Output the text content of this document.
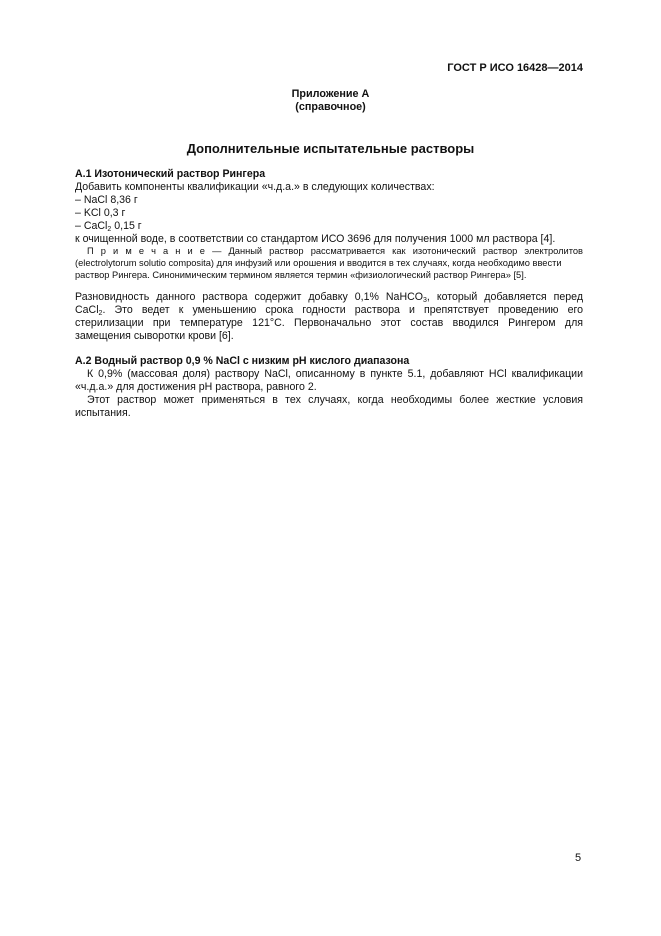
ГОСТ Р ИСО 16428—2014
Приложение А
(справочное)
Дополнительные испытательные растворы
А.1 Изотонический раствор Рингера
Добавить компоненты квалификации «ч.д.а.» в следующих количествах:
– NaCl 8,36 г
– KCl 0,3 г
– CaCl$_2$ 0,15 г
к очищенной воде, в соответствии со стандартом ИСО 3696 для получения 1000 мл раствора [4].
П р и м е ч а н и е — Данный раствор рассматривается как изотонический раствор электролитов
(electrolytorum solutio composita) для инфузий или орошения и вводится в тех случаях, когда необходимо ввести
раствор Рингера. Синонимическим термином является термин «физиологический раствор Рингера» [5].
Разновидность данного раствора содержит добавку 0,1% NaHCO$_3$, который добавляется перед
CaCl$_2$. Это ведет к уменьшению срока годности раствора и препятствует проведению его
стерилизации при температуре 121°С. Первоначально этот состав вводился Рингером для
замещения сыворотки крови [6].
А.2 Водный раствор 0,9 % NaCl с низким pH кислого диапазона
К 0,9% (массовая доля) раствору NaCl, описанному в пункте 5.1, добавляют HCl квалификации
«ч.д.а.» для достижения pH раствора, равного 2.
Этот раствор может применяться в тех случаях, когда необходимы более жесткие условия
испытания.
5
